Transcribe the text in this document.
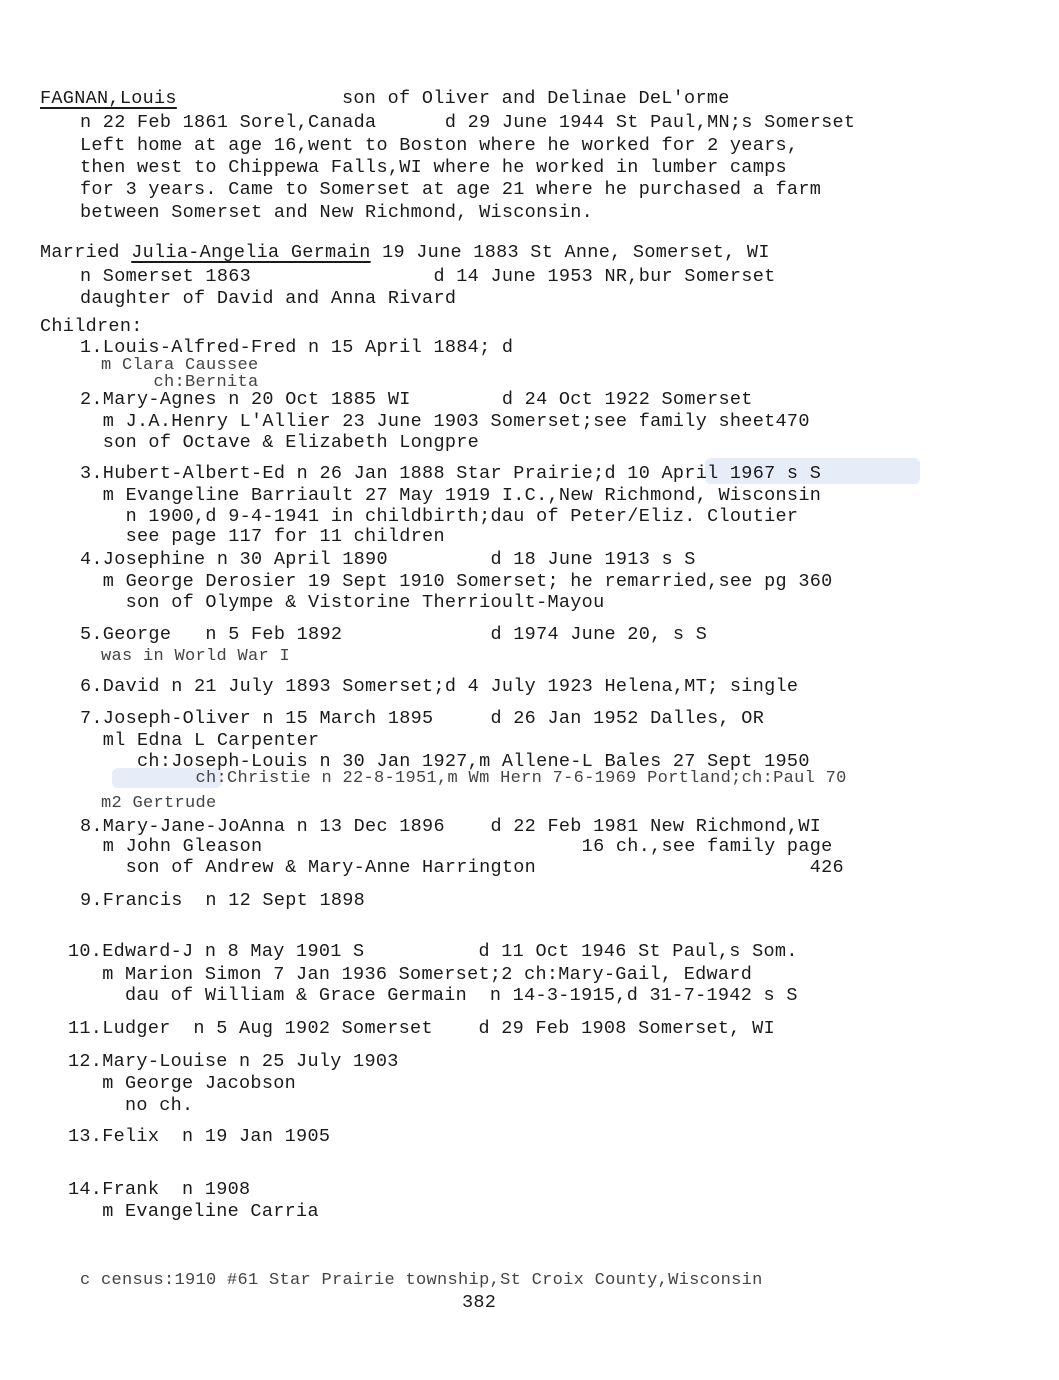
FAGNAN,Louis	son of Oliver and Delinae DeL'orme
n 22 Feb 1861 Sorel,Canada      d 29 June 1944 St Paul,MN;s Somerset
Left home at age 16,went to Boston where he worked for 2 years,
then west to Chippewa Falls,WI where he worked in lumber camps
for 3 years. Came to Somerset at age 21 where he purchased a farm
between Somerset and New Richmond, Wisconsin.
Married Julia-Angelia Germain 19 June 1883 St Anne, Somerset, WI
n Somerset 1863                d 14 June 1953 NR,bur Somerset
daughter of David and Anna Rivard
Children:
1.Louis-Alfred-Fred n 15 April 1884; d
m Clara Caussee
ch:Bernita
2.Mary-Agnes n 20 Oct 1885 WI        d 24 Oct 1922 Somerset
m J.A.Henry L'Allier 23 June 1903 Somerset;see family sheet470
son of Octave & Elizabeth Longpre
3.Hubert-Albert-Ed n 26 Jan 1888 Star Prairie;d 10 April 1967 s S
m Evangeline Barriault 27 May 1919 I.C.,New Richmond, Wisconsin
n 1900,d 9-4-1941 in childbirth;dau of Peter/Eliz. Cloutier
see page 117 for 11 children
4.Josephine n 30 April 1890         d 18 June 1913 s S
m George Derosier 19 Sept 1910 Somerset; he remarried,see pg 360
son of Olympe & Vistorine Therrioult-Mayou
5.George   n 5 Feb 1892             d 1974 June 20, s S
was in World War I
6.David n 21 July 1893 Somerset;d 4 July 1923 Helena,MT; single
7.Joseph-Oliver n 15 March 1895     d 26 Jan 1952 Dalles, OR
ml Edna L Carpenter
ch:Joseph-Louis n 30 Jan 1927,m Allene-L Bales 27 Sept 1950
ch:Christie n 22-8-1951,m Wm Hern 7-6-1969 Portland;ch:Paul 70
m2 Gertrude
8.Mary-Jane-JoAnna n 13 Dec 1896    d 22 Feb 1981 New Richmond,WI
m John Gleason                            16 ch.,see family page
son of Andrew & Mary-Anne Harrington                        426
9.Francis  n 12 Sept 1898
10.Edward-J n 8 May 1901 S          d 11 Oct 1946 St Paul,s Som.
m Marion Simon 7 Jan 1936 Somerset;2 ch:Mary-Gail, Edward
dau of William & Grace Germain  n 14-3-1915,d 31-7-1942 s S
11.Ludger  n 5 Aug 1902 Somerset    d 29 Feb 1908 Somerset, WI
12.Mary-Louise n 25 July 1903
m George Jacobson
no ch.
13.Felix  n 19 Jan 1905
14.Frank  n 1908
m Evangeline Carria
c census:1910 #61 Star Prairie township,St Croix County,Wisconsin
382
